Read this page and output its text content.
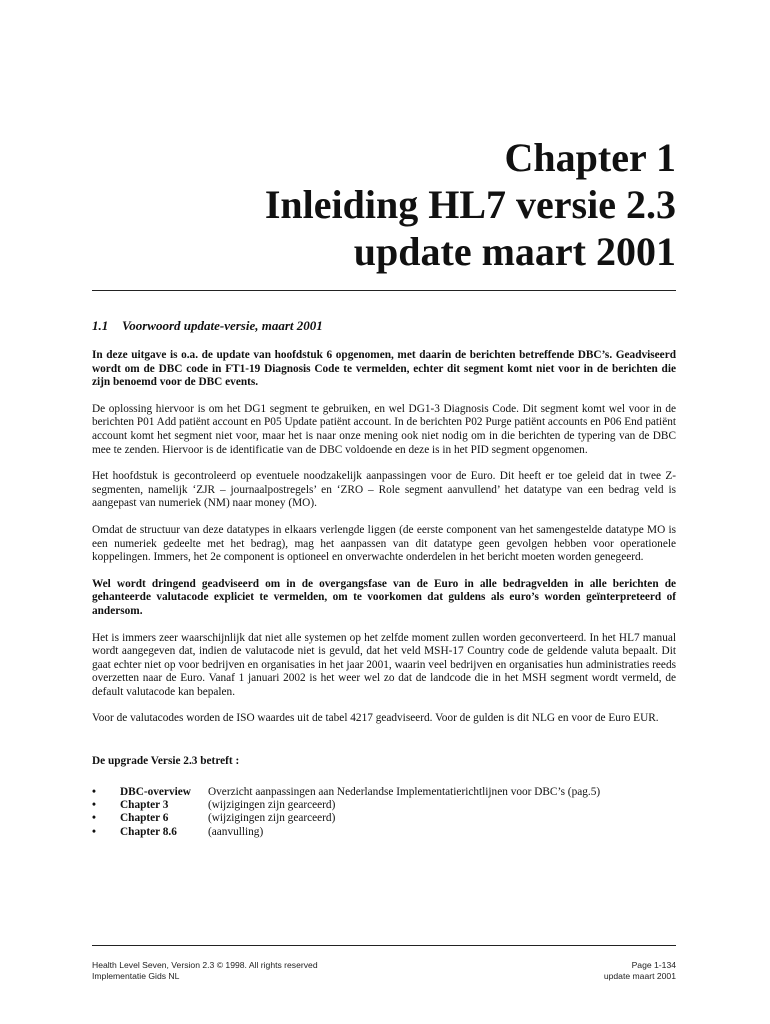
Chapter 1
Inleiding HL7 versie 2.3
update maart 2001
1.1 Voorwoord update-versie, maart 2001

In deze uitgave is o.a. de update van hoofdstuk 6 opgenomen, met daarin de berichten betreffende DBC’s. Geadviseerd wordt om de DBC code in FT1-19 Diagnosis Code te vermelden, echter dit segment komt niet voor in de berichten die zijn benoemd voor de DBC events.

De oplossing hiervoor is om het DG1 segment te gebruiken, en wel DG1-3 Diagnosis Code. Dit segment komt wel voor in de berichten P01 Add patiënt account en P05 Update patiënt account. In de berichten P02 Purge patiënt accounts en P06 End patiënt account komt het segment niet voor, maar het is naar onze mening ook niet nodig om in die berichten de typering van de DBC mee te zenden. Hiervoor is de identificatie van de DBC voldoende en deze is in het PID segment opgenomen.

Het hoofdstuk is gecontroleerd op eventuele noodzakelijk aanpassingen voor de Euro. Dit heeft er toe geleid dat in twee Z-segmenten, namelijk ‘ZJR – journaalpostregels’ en ‘ZRO – Role segment aanvullend’ het datatype van een bedrag veld is aangepast van numeriek (NM) naar money (MO).

Omdat de structuur van deze datatypes in elkaars verlengde liggen (de eerste component van het samengestelde datatype MO is een numeriek gedeelte met het bedrag), mag het aanpassen van dit datatype geen gevolgen hebben voor operationele koppelingen. Immers, het 2e component is optioneel en onverwachte onderdelen in het bericht moeten worden genegeerd.

Wel wordt dringend geadviseerd om in de overgangsfase van de Euro in alle bedragvelden in alle berichten de gehanteerde valutacode expliciet te vermelden, om te voorkomen dat guldens als euro’s worden geïnterpreteerd of andersom.

Het is immers zeer waarschijnlijk dat niet alle systemen op het zelfde moment zullen worden geconverteerd. In het HL7 manual wordt aangegeven dat, indien de valutacode niet is gevuld, dat het veld MSH-17 Country code de geldende valuta bepaalt. Dit gaat echter niet op voor bedrijven en organisaties in het jaar 2001, waarin veel bedrijven en organisaties hun administraties reeds overzetten naar de Euro. Vanaf 1 januari 2002 is het weer wel zo dat de landcode die in het MSH segment wordt vermeld, de default valutacode kan bepalen.

Voor de valutacodes worden de ISO waardes uit de tabel 4217 geadviseerd. Voor de gulden is dit NLG en voor de Euro EUR.

De upgrade Versie 2.3 betreft :
•	DBC-overview	Overzicht aanpassingen aan Nederlandse Implementatierichtlijnen voor DBC’s (pag.5)
•	Chapter 3	(wijzigingen zijn gearceerd)
•	Chapter 6	(wijzigingen zijn gearceerd)
•	Chapter 8.6	(aanvulling)
Health Level Seven, Version 2.3 © 1998. All rights reserved	Page 1-134
Implementatie Gids NL	update maart 2001
